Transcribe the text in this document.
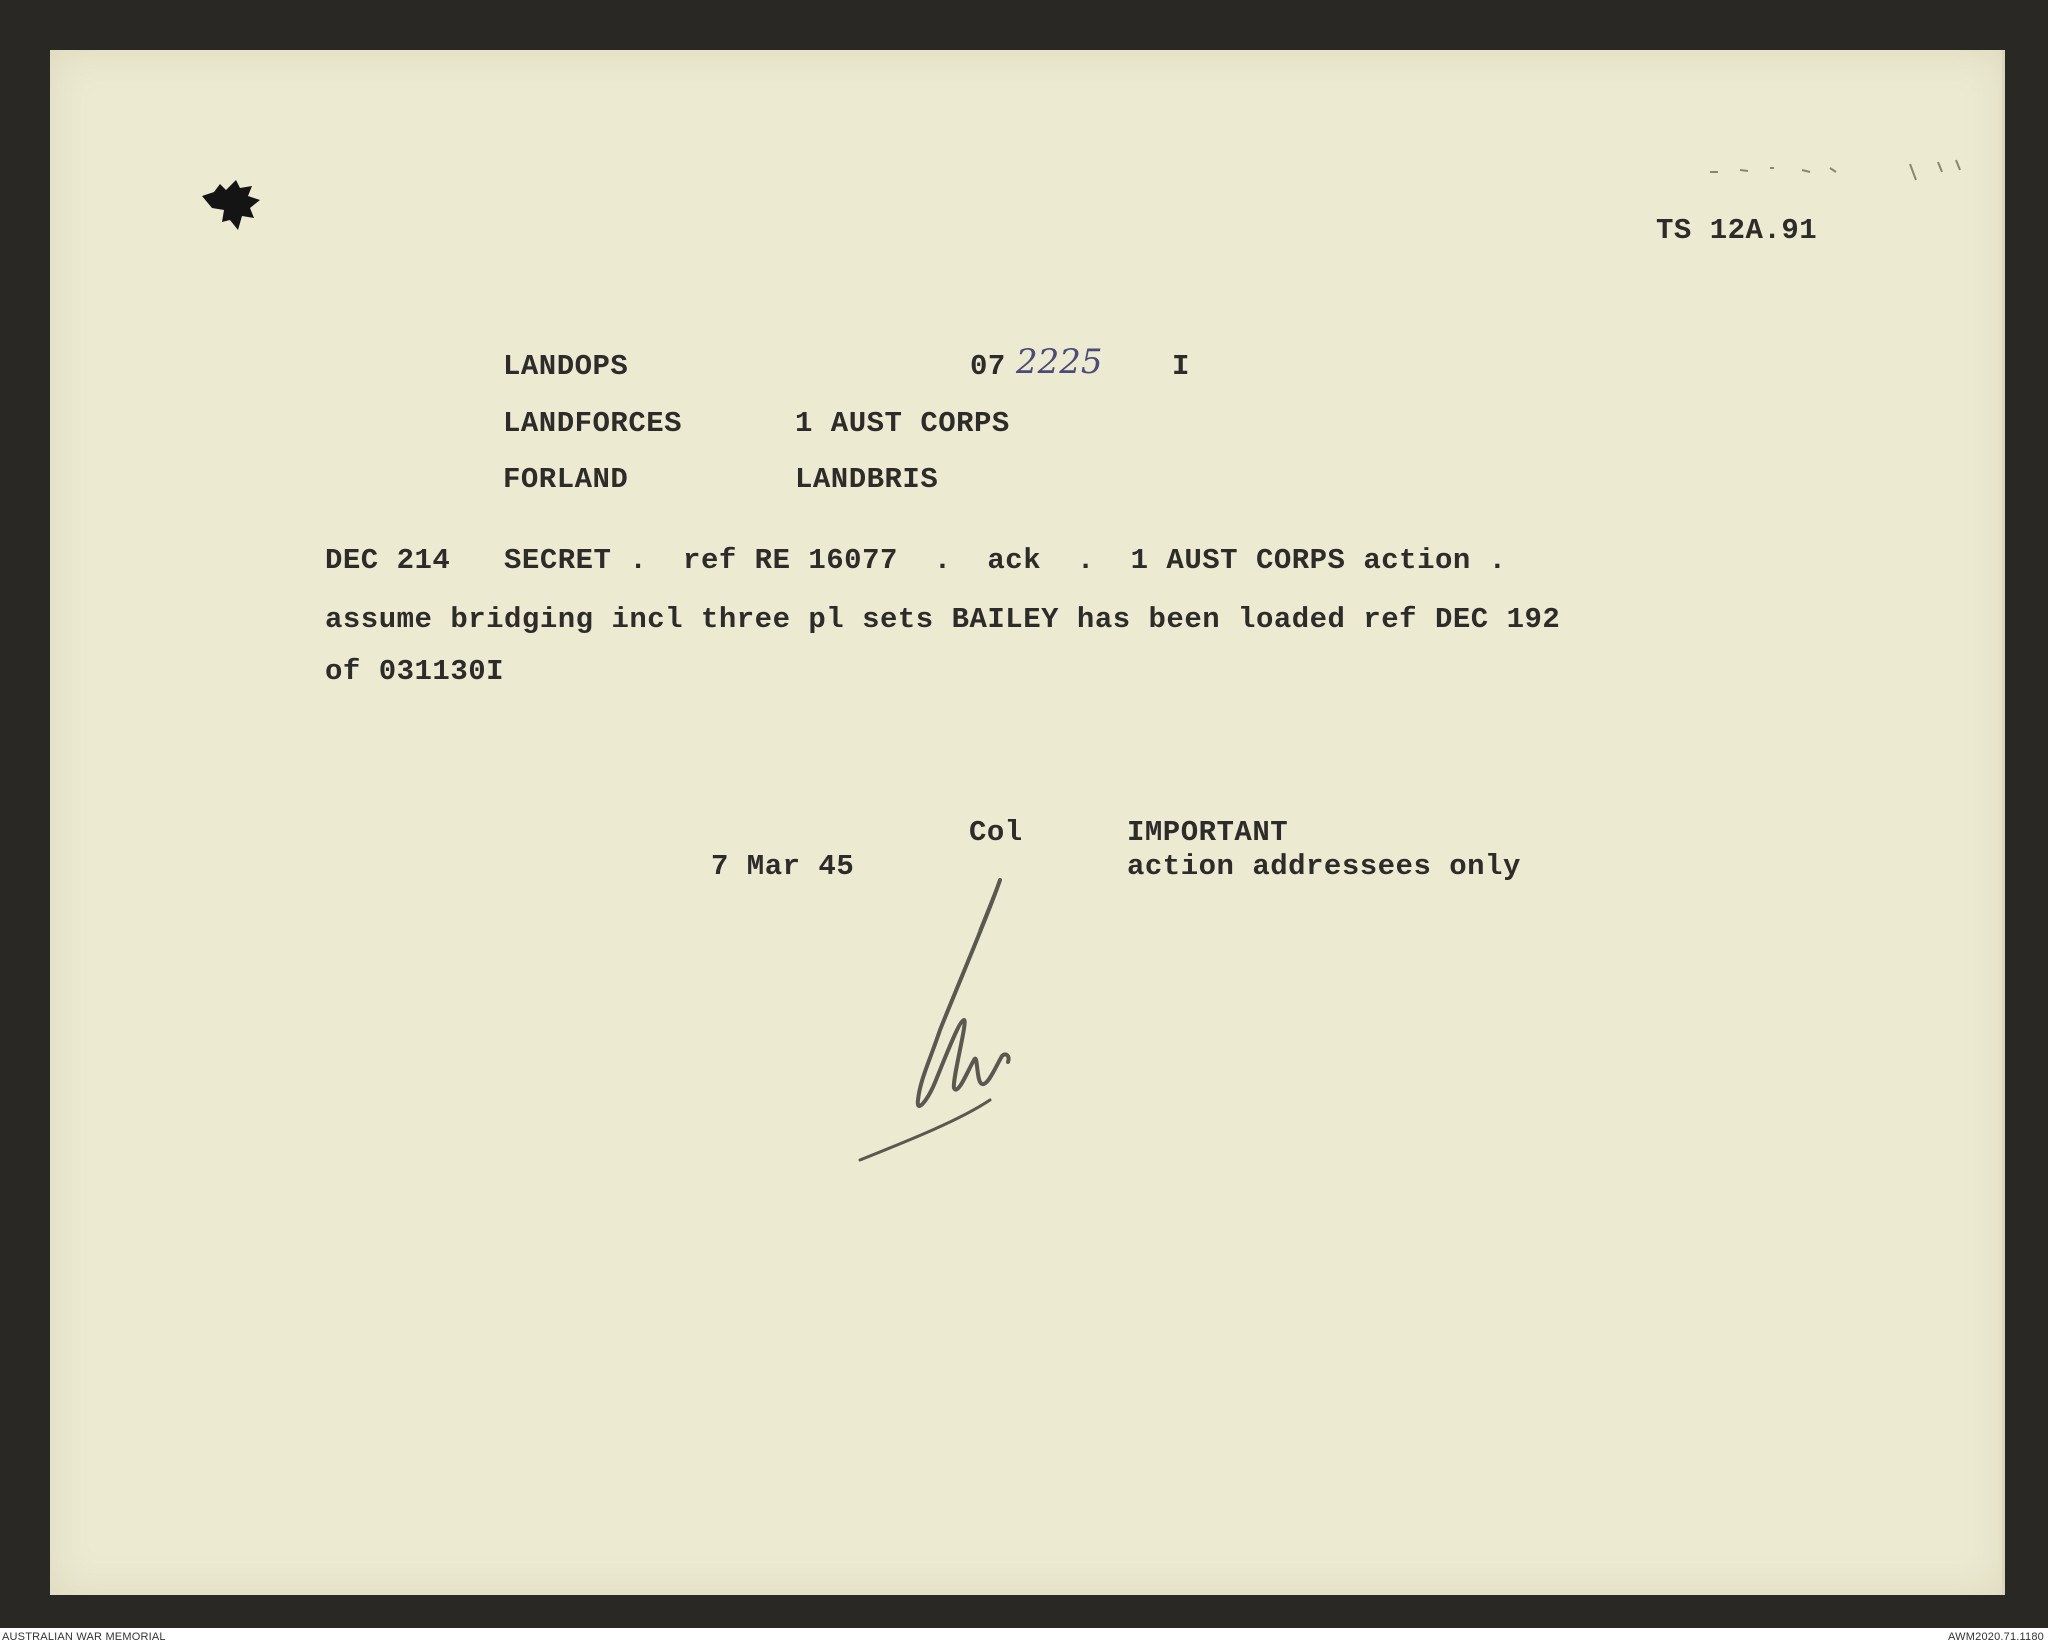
TS 12A.91
LANDOPS	07 2225 I
LANDFORCES	1 AUST CORPS
FORLAND	LANDBRIS
DEC 214   SECRET .  ref RE 16077  .  ack  .  1 AUST CORPS action .
assume bridging incl three pl sets BAILEY has been loaded ref DEC 192
of 031130I
7 Mar 45
Col	IMPORTANT
action addressees only
AUSTRALIAN WAR MEMORIAL	AWM2020.71.1180
